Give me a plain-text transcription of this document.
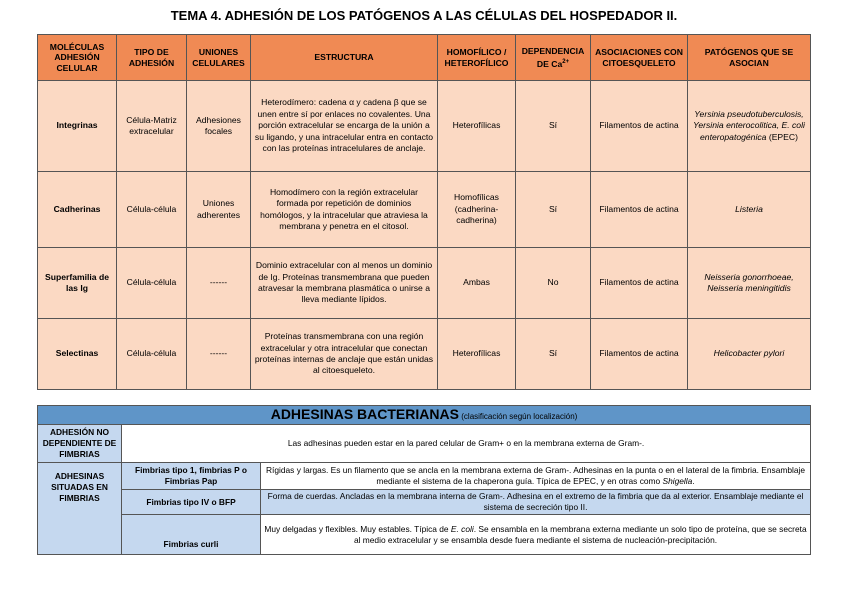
TEMA 4. ADHESIÓN DE LOS PATÓGENOS A LAS CÉLULAS DEL HOSPEDADOR II.
MOLÉCULAS ADHESIÓN CELULAR	TIPO DE ADHESIÓN	UNIONES CELULARES	ESTRUCTURA	HOMOFÍLICO / HETEROFÍLICO	DEPENDENCIA DE $Ca^{2+}$	ASOCIACIONES CON CITOESQUELETO	PATÓGENOS QUE SE ASOCIAN
Integrinas	Célula-Matriz extracelular	Adhesiones focales	Heterodímero: cadena α y cadena β que se unen entre sí por enlaces no covalentes. Una porción extracelular se encarga de la unión a su ligando, y una intracelular entra en contacto con las proteínas intracelulares de anclaje.	Heterofílicas	Sí	Filamentos de actina	Yersinia pseudotuberculosis, Yersinia enterocolitica, E. coli enteropatogénica (EPEC)
Cadherinas	Célula-célula	Uniones adherentes	Homodímero con la región extracelular formada por repetición de dominios homólogos, y la intracelular que atraviesa la membrana y penetra en el citosol.	Homofílicas (cadherina-cadherina)	Sí	Filamentos de actina	Listeria
Superfamilia de las Ig	Célula-célula	------	Dominio extracelular con al menos un dominio de Ig. Proteínas transmembrana que pueden atravesar la membrana plasmática o unirse a lleva mediante lípidos.	Ambas	No	Filamentos de actina	Neisseria gonorrhoeae, Neisseria meningitidis
Selectinas	Célula-célula	------	Proteínas transmembrana con una región extracelular y otra intracelular que conectan proteínas internas de anclaje que están unidas al citoesqueleto.	Heterofílicas	Sí	Filamentos de actina	Helicobacter pylori
ADHESINAS BACTERIANAS (clasificación según localización)		
ADHESIÓN NO DEPENDIENTE DE FIMBRIAS	Las adhesinas pueden estar en la pared celular de Gram+ o en la membrana externa de Gram-.	
ADHESINAS SITUADAS EN FIMBRIAS	Fimbrias tipo 1, fimbrias P o Fimbrias Pap	Rígidas y largas. Es un filamento que se ancla en la membrana externa de Gram-. Adhesinas en la punta o en el lateral de la fimbria. Ensamblaje mediante el sistema de la chaperona guía. Típica de EPEC, y en otras como Shigella.
	Fimbrias tipo IV o BFP	Forma de cuerdas. Ancladas en la membrana interna de Gram-. Adhesina en el extremo de la fimbria que da al exterior. Ensamblaje mediante el sistema de secreción tipo II.
	Fimbrias curli	Muy delgadas y flexibles. Muy estables. Típica de E. coli. Se ensambla en la membrana externa mediante un solo tipo de proteína, que se secreta al medio extracelular y se ensambla desde fuera mediante el sistema de nucleación-precipitación.
